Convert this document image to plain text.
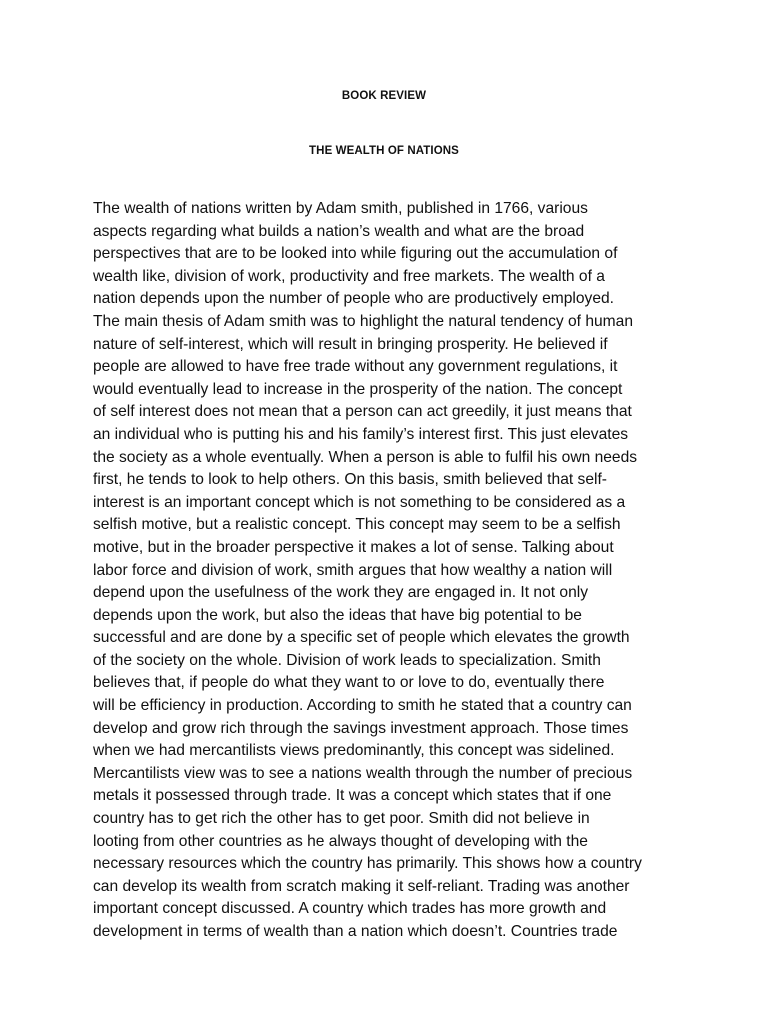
BOOK REVIEW
THE WEALTH OF NATIONS
The wealth of nations written by Adam smith, published in 1766, various
aspects regarding what builds a nation’s wealth and what are the broad
perspectives that are to be looked into while figuring out the accumulation of
wealth like, division of work, productivity and free markets. The wealth of a
nation depends upon the number of people who are productively employed.
The main thesis of Adam smith was to highlight the natural tendency of human
nature of self-interest, which will result in bringing prosperity. He believed if
people are allowed to have free trade without any government regulations, it
would eventually lead to increase in the prosperity of the nation. The concept
of self interest does not mean that a person can act greedily, it just means that
an individual who is putting his and his family’s interest first. This just elevates
the society as a whole eventually. When a person is able to fulfil his own needs
first, he tends to look to help others. On this basis, smith believed that self-
interest is an important concept which is not something to be considered as a
selfish motive, but a realistic concept. This concept may seem to be a selfish
motive, but in the broader perspective it makes a lot of sense. Talking about
labor force and division of work, smith argues that how wealthy a nation will
depend upon the usefulness of the work they are engaged in. It not only
depends upon the work, but also the ideas that have big potential to be
successful and are done by a specific set of people which elevates the growth
of the society on the whole. Division of work leads to specialization. Smith
believes that, if people do what they want to or love to do, eventually there
will be efficiency in production. According to smith he stated that a country can
develop and grow rich through the savings investment approach. Those times
when we had mercantilists views predominantly, this concept was sidelined.
Mercantilists view was to see a nations wealth through the number of precious
metals it possessed through trade. It was a concept which states that if one
country has to get rich the other has to get poor. Smith did not believe in
looting from other countries as he always thought of developing with the
necessary resources which the country has primarily. This shows how a country
can develop its wealth from scratch making it self-reliant. Trading was another
important concept discussed. A country which trades has more growth and
development in terms of wealth than a nation which doesn’t. Countries trade
